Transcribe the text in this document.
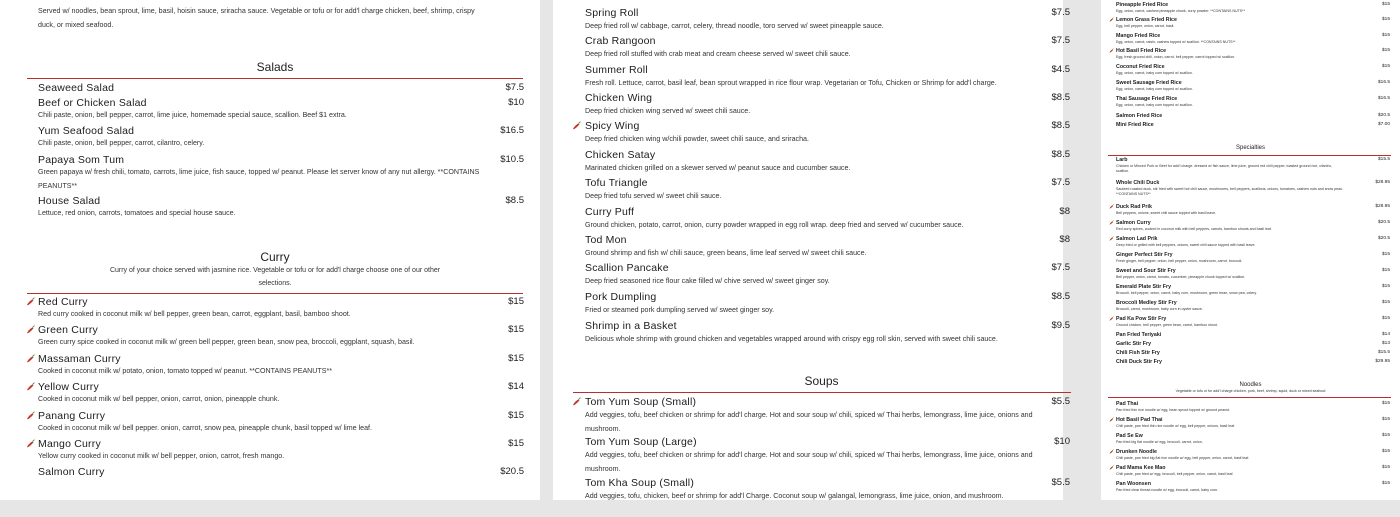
Served w/ noodles, bean sprout, lime, basil, hoisin sauce, sriracha sauce. Vegetable or tofu or for add'l charge chicken, beef, shrimp, crispy
duck, or mixed seafood.
Salads
Seaweed Salad	$7.5
Beef or Chicken Salad	$10
Chili paste, onion, bell pepper, carrot, lime juice, homemade special sauce, scallion. Beef $1 extra.
Yum Seafood Salad	$16.5
Chili paste, onion, bell pepper, carrot, cilantro, celery.
Papaya Som Tum	$10.5
Green papaya w/ fresh chili, tomato, carrots, lime juice, fish sauce, topped w/ peanut. Please let server know of any nut allergy. **CONTAINS
PEANUTS**
House Salad	$8.5
Lettuce, red onion, carrots, tomatoes and special house sauce.
Curry
Curry of your choice served with jasmine rice. Vegetable or tofu or for add'l charge choose one of our other
selections.
Red Curry	$15
Red curry cooked in coconut milk w/ bell pepper, green bean, carrot, eggplant, basil, bamboo shoot.
Green Curry	$15
Green curry spice cooked in coconut milk w/ green bell pepper, green bean, snow pea, broccoli, eggplant, squash, basil.
Massaman Curry	$15
Cooked in coconut milk w/ potato, onion, tomato topped w/ peanut. **CONTAINS PEANUTS**
Yellow Curry	$14
Cooked in coconut milk w/ bell pepper, onion, carrot, onion, pineapple chunk.
Panang Curry	$15
Cooked in coconut milk w/ bell pepper. onion, carrot, snow pea, pineapple chunk, basil topped w/ lime leaf.
Mango Curry	$15
Yellow curry cooked in coconut milk w/ bell pepper, onion, carrot, fresh mango.
Salmon Curry	$20.5
Spring Roll	$7.5
Deep fried roll w/ cabbage, carrot, celery, thread noodle, toro served w/ sweet pineapple sauce.
Crab Rangoon	$7.5
Deep fried roll stuffed with crab meat and cream cheese served w/ sweet chili sauce.
Summer Roll	$4.5
Fresh roll. Lettuce, carrot, basil leaf, bean sprout wrapped in rice flour wrap. Vegetarian or Tofu, Chicken or Shrimp for add'l charge.
Chicken Wing	$8.5
Deep fried chicken wing served w/ sweet chili sauce.
Spicy Wing	$8.5
Deep fried chicken wing w/chili powder, sweet chili sauce, and sriracha.
Chicken Satay	$8.5
Marinated chicken grilled on a skewer served w/ peanut sauce and cucumber sauce.
Tofu Triangle	$7.5
Deep fried tofu served w/ sweet chili sauce.
Curry Puff	$8
Ground chicken, potato, carrot, onion, curry powder wrapped in egg roll wrap. deep fried and served w/ cucumber sauce.
Tod Mon	$8
Ground shrimp and fish w/ chili sauce, green beans, lime leaf served w/ sweet chili sauce.
Scallion Pancake	$7.5
Deep fried seasoned rice flour cake filled w/ chive served w/ sweet ginger soy.
Pork Dumpling	$8.5
Fried or steamed pork dumpling served w/ sweet ginger soy.
Shrimp in a Basket	$9.5
Delicious whole shrimp with ground chicken and vegetables wrapped around with crispy egg roll skin, served with sweet chili sauce.
Soups
Tom Yum Soup (Small)	$5.5
Add veggies, tofu, beef chicken or shrimp for add'l charge. Hot and sour soup w/ chili, spiced w/ Thai herbs, lemongrass, lime juice, onions and
mushroom.
Tom Yum Soup (Large)	$10
Add veggies, tofu, beef chicken or shrimp for add'l charge. Hot and sour soup w/ chili, spiced w/ Thai herbs, lemongrass, lime juice, onions and
mushroom.
Tom Kha Soup (Small)	$5.5
Add veggies, tofu, chicken, beef or shrimp for add'l Charge. Coconut soup w/ galangal, lemongrass, lime juice, onion, and mushroom.
Pineapple Fried Rice	$15
Egg, onion, carrot, cashew pineapple chunk, curry powder. **CONTAINS NUTS**
Lemon Grass Fried Rice	$15
Egg, bell pepper, onion, carrot, basil.
Mango Fried Rice	$15
Egg, onion, carrot, raisin, cashew topped w/ scallion. **CONTAINS NUTS**
Hot Basil Fried Rice	$15
Egg, fresh ground chili, onion, carrot, bell pepper, carrot topped w/ scallion.
Coconut Fried Rice	$15
Egg, onion, carrot, baby corn topped w/ scallion.
Sweet Sausage Fried Rice	$16.5
Egg, onion, carrot, baby corn topped w/ scallion.
Thai Sausage Fried Rice	$16.5
Egg, onion, carrot, baby corn topped w/ scallion.
Salmon Fried Rice	$20.5
Mini Fried Rice	$7.00
Specialties
Larb	$15.5
Chicken or Minced Pork or Beef for add'l charge. dressed w/ fish sauce, lime juice, ground red chili pepper, toasted ground rice, cilantro,
scallion.
Whole Chili Duck	$28.95
Sauteed roasted duck, stir fried with sweet hot chili sauce, mushrooms, bell peppers, scallions, onions, tomatoes, cashew nuts and snow peas.
**CONTAINS NUTS**
Duck Rad Prik	$28.95
Bell peppers, onions, sweet chili sauce topped with basil leave.
Salmon Curry	$20.5
Red curry spices, cooked in coconut milk with bell peppers, carrots, bamboo shoots and basil leaf.
Salmon Lad Prik	$20.5
Deep fried or grilled with bell peppers, onions, sweet chili sauce topped with basil leave.
Ginger Perfect Stir Fry	$15
Fresh ginger, bell pepper, onion, bell pepper, onion, mushroom, carrot, broccoli.
Sweet and Sour Stir Fry	$15
Bell pepper, onion, carrot, tomato, cucumber, pineapple chunk topped w/ scallion.
Emerald Plate Stir Fry	$15
Broccoli, bell pepper, onion, carrot, baby corn, mushroom, green bean, snow pea, celery.
Broccoli Medley Stir Fry	$15
Broccoli, carrot, mushroom, baby corn in oyster sauce.
Pad Ka Pow Stir Fry	$15
Ground chicken, bell pepper, green bean, carrot, bamboo shoot.
Pan Fried Teriyaki	$14
Garlic Stir Fry	$13
Chili Fish Stir Fry	$15.5
Chili Duck Stir Fry	$29.95
Noodles
Vegetable or tofu or for add'l charge chicken, pork, beef, shrimp, squid, duck or mixed seafood
Pad Thai	$15
Pan fried thin rice noodle w/ egg, bean sprout topped w/ ground peanut.
Hot Basil Pad Thai	$15
Chili paste, pan fried thin rice noodle w/ egg, bell pepper, onions, basil leaf.
Pad Se Ew	$15
Pan fried big flat noodle w/ egg, broccoli, carrot, onion.
Drunken Noodle	$15
Chili paste, pan fried big flat rice noodle w/ egg, bell pepper, onion, carrot, basil leaf.
Pad Mama Kee Mao	$15
Chili paste, pan fried w/ egg, broccoli, bell pepper, onion, carrot, basil leaf.
Pan Woonsen	$15
Pan fried clear thread noodle w/ egg, broccoli, carrot, baby corn.
